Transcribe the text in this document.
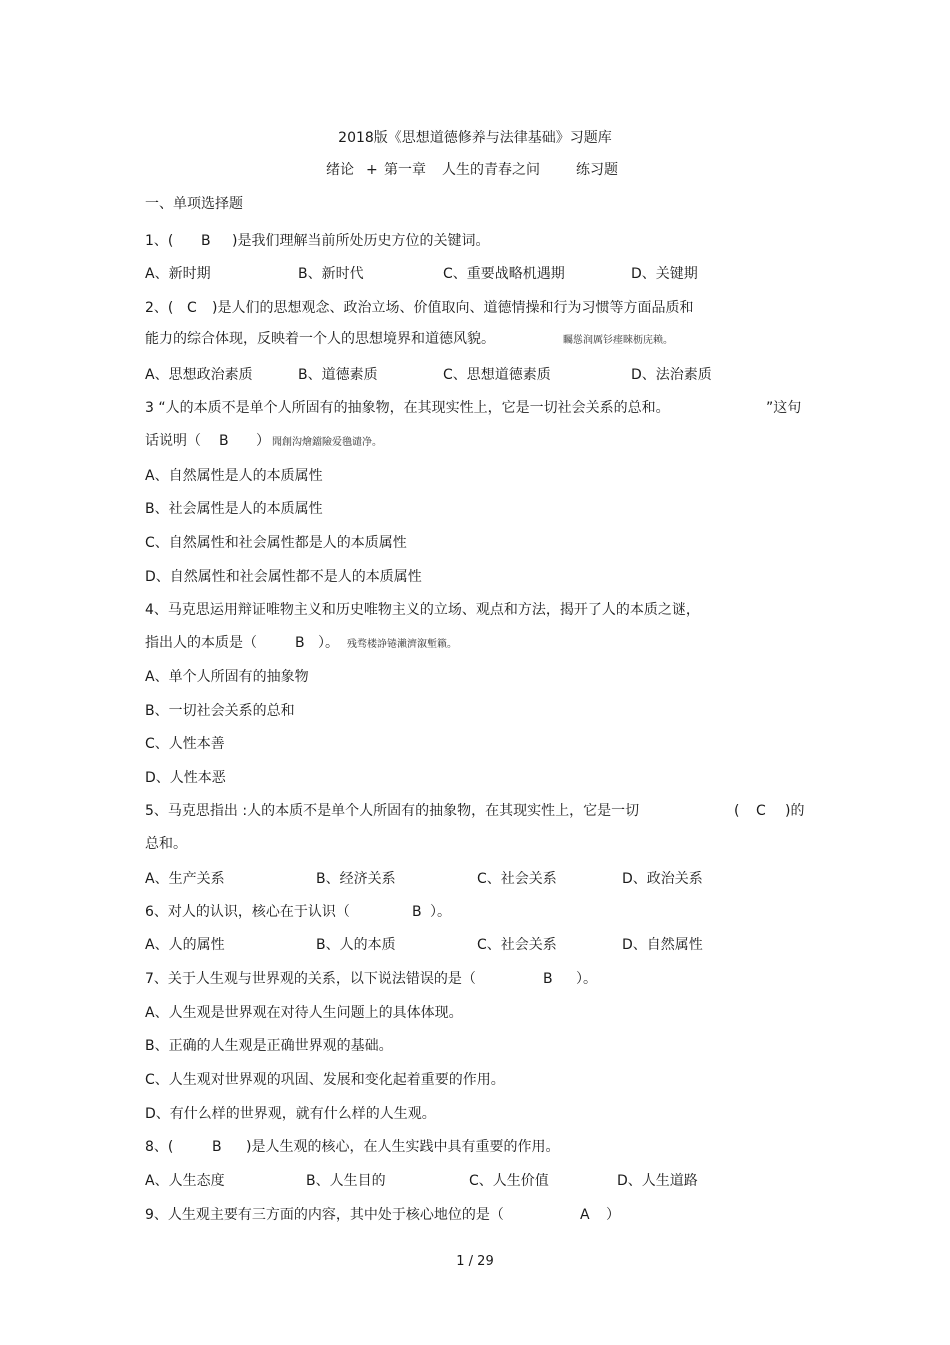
2018版《思想道德修养与法律基础》习题库
绪论 + 第一章 人生的青春之问	练习题
一、单项选择题
1、( B )是我们理解当前所处历史方位的关键词。
A、新时期	B、新时代	C、重要战略机遇期	D、关键期
2、( C )是人们的思想观念、政治立场、价值取向、道德情操和行为习惯等方面品质和
能力的综合体现，反映着一个人的思想境界和道德风貌。	矚慫润厲钐瘗睞枥庑赖。
A、思想政治素质	B、道德素质	C、思想道德素质	D、法治素质
3 “人的本质不是单个人所固有的抽象物，在其现实性上，它是一切社会关系的总和。	”这句
话说明（ B ） 聞創沟燴鐺險爱氇谴净。
A、自然属性是人的本质属性
B、社会属性是人的本质属性
C、自然属性和社会属性都是人的本质属性
D、自然属性和社会属性都不是人的本质属性
4、马克思运用辩证唯物主义和历史唯物主义的立场、观点和方法，揭开了人的本质之谜，
指出人的本质是（	B ）。 残骛楼諍锩瀨濟溆塹籟。
A、单个人所固有的抽象物
B、一切社会关系的总和
C、人性本善
D、人性本恶
5、马克思指出 :人的本质不是单个人所固有的抽象物，在其现实性上，它是一切	( C )的
总和。
A、生产关系	B、经济关系	C、社会关系	D、政治关系
6、对人的认识，核心在于认识（	B ）。
A、人的属性	B、人的本质	C、社会关系	D、自然属性
7、关于人生观与世界观的关系，以下说法错误的是（	B ）。
A、人生观是世界观在对待人生问题上的具体体现。
B、正确的人生观是正确世界观的基础。
C、人生观对世界观的巩固、发展和变化起着重要的作用。
D、有什么样的世界观，就有什么样的人生观。
8、(	B )是人生观的核心，在人生实践中具有重要的作用。
A、人生态度	B、人生目的	C、人生价值	D、人生道路
9、人生观主要有三方面的内容，其中处于核心地位的是（	A ）
1 / 29
